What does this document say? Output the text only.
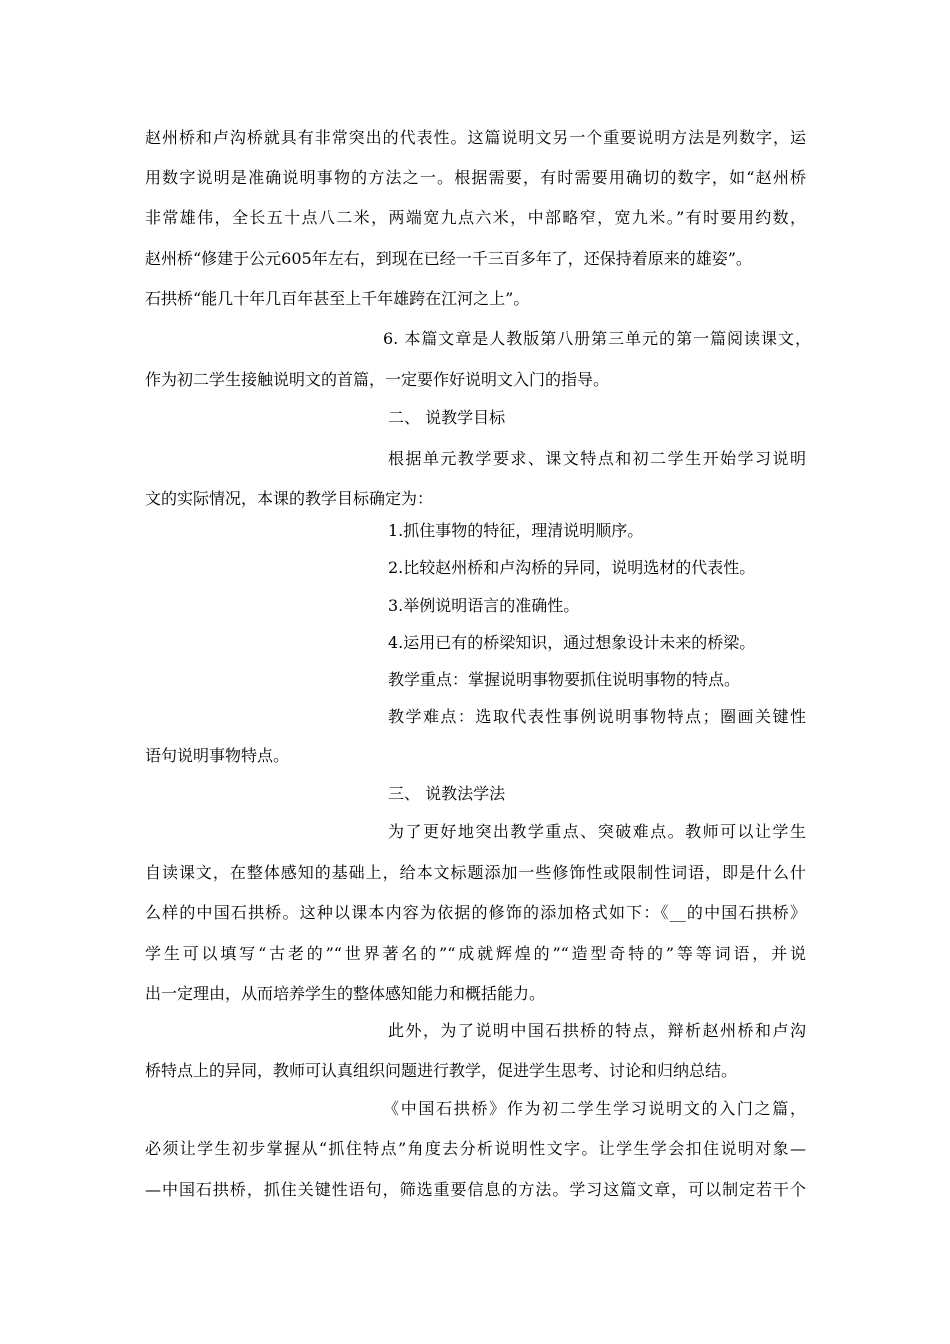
赵州桥和卢沟桥就具有非常突出的代表性。这篇说明文另一个重要说明方法是列数字，运
用数字说明是准确说明事物的方法之一。根据需要，有时需要用确切的数字，如“赵州桥
非常雄伟，全长五十点八二米，两端宽九点六米，中部略窄，宽九米。”有时要用约数，
赵州桥“修建于公元605年左右，到现在已经一千三百多年了，还保持着原来的雄姿”。
石拱桥“能几十年几百年甚至上千年雄跨在江河之上”。
6. 本篇文章是人教版第八册第三单元的第一篇阅读课文，
作为初二学生接触说明文的首篇，一定要作好说明文入门的指导。
二、 说教学目标
根据单元教学要求、课文特点和初二学生开始学习说明
文的实际情况，本课的教学目标确定为：
1.抓住事物的特征，理清说明顺序。
2.比较赵州桥和卢沟桥的异同，说明选材的代表性。
3.举例说明语言的准确性。
4.运用已有的桥梁知识，通过想象设计未来的桥梁。
教学重点：掌握说明事物要抓住说明事物的特点。
教学难点：选取代表性事例说明事物特点；圈画关键性
语句说明事物特点。
三、 说教法学法
为了更好地突出教学重点、突破难点。教师可以让学生
自读课文，在整体感知的基础上，给本文标题添加一些修饰性或限制性词语，即是什么什
么样的中国石拱桥。这种以课本内容为依据的修饰的添加格式如下：《__的中国石拱桥》
学生可以填写“古老的”“世界著名的”“成就辉煌的”“造型奇特的”等等词语，并说
出一定理由，从而培养学生的整体感知能力和概括能力。
此外，为了说明中国石拱桥的特点，辩析赵州桥和卢沟
桥特点上的异同，教师可认真组织问题进行教学，促进学生思考、讨论和归纳总结。
《中国石拱桥》作为初二学生学习说明文的入门之篇，
必须让学生初步掌握从“抓住特点”角度去分析说明性文字。让学生学会扣住说明对象—
—中国石拱桥，抓住关键性语句，筛选重要信息的方法。学习这篇文章，可以制定若干个
